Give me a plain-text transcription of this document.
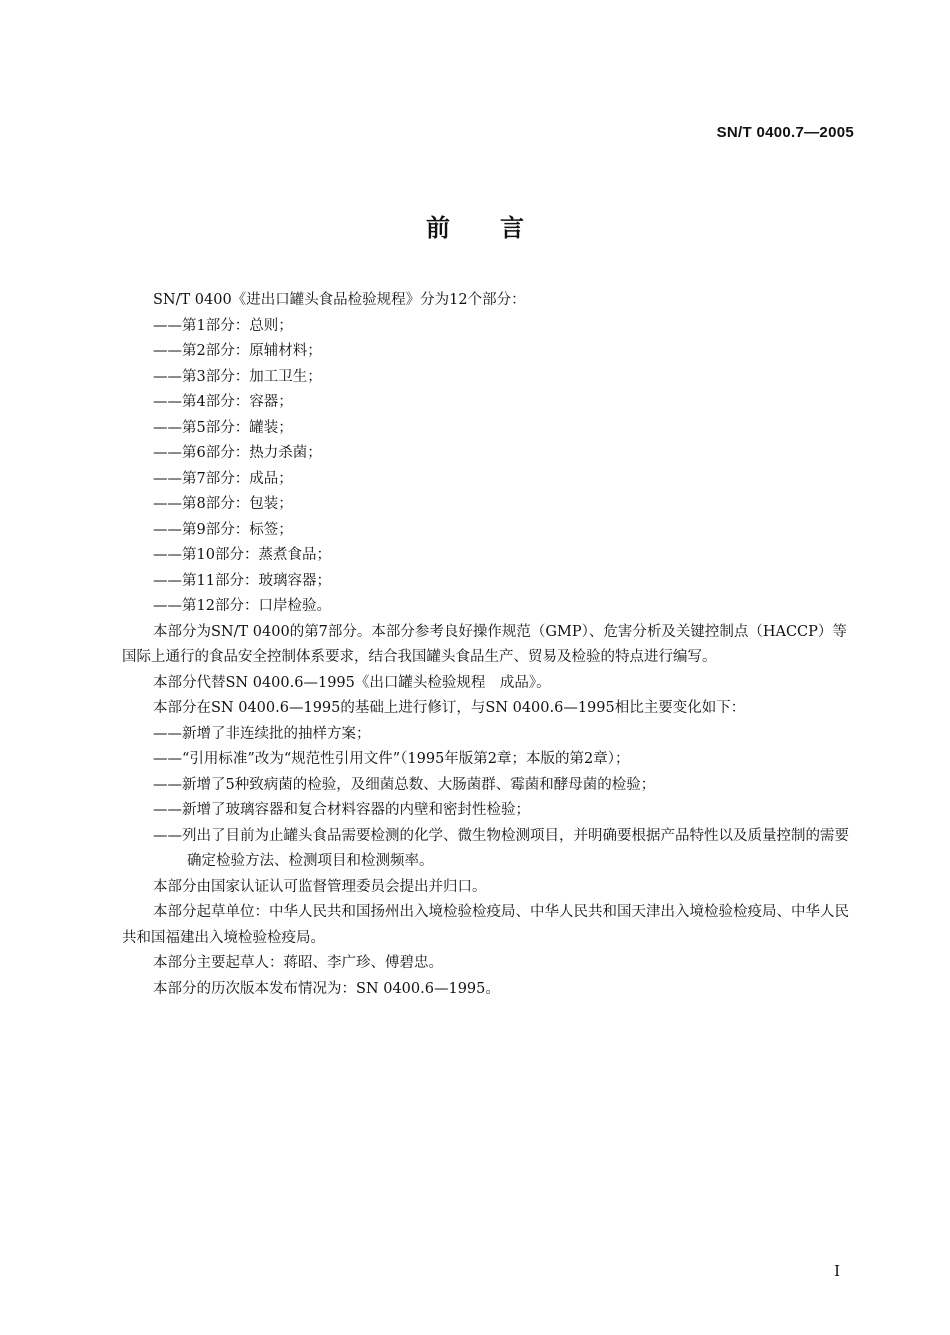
SN/T 0400.7—2005
前言

SN/T 0400《进出口罐头食品检验规程》分为12个部分：

——第1部分：总则；

——第2部分：原辅材料；

——第3部分：加工卫生；

——第4部分：容器；

——第5部分：罐装；

——第6部分：热力杀菌；

——第7部分：成品；

——第8部分：包装；

——第9部分：标签；

——第10部分：蒸煮食品；

——第11部分：玻璃容器；

——第12部分：口岸检验。

本部分为SN/T 0400的第7部分。本部分参考良好操作规范（GMP）、危害分析及关键控制点（HACCP）等国际上通行的食品安全控制体系要求，结合我国罐头食品生产、贸易及检验的特点进行编写。

本部分代替SN 0400.6—1995《出口罐头检验规程　成品》。

本部分在SN 0400.6—1995的基础上进行修订，与SN 0400.6—1995相比主要变化如下：

——新增了非连续批的抽样方案；

——“引用标准”改为“规范性引用文件”（1995年版第2章；本版的第2章）；

——新增了5种致病菌的检验，及细菌总数、大肠菌群、霉菌和酵母菌的检验；

——新增了玻璃容器和复合材料容器的内壁和密封性检验；

——列出了目前为止罐头食品需要检测的化学、微生物检测项目，并明确要根据产品特性以及质量控制的需要确定检验方法、检测项目和检测频率。

本部分由国家认证认可监督管理委员会提出并归口。

本部分起草单位：中华人民共和国扬州出入境检验检疫局、中华人民共和国天津出入境检验检疫局、中华人民共和国福建出入境检验检疫局。

本部分主要起草人：蒋昭、李广珍、傅碧忠。

本部分的历次版本发布情况为：SN 0400.6—1995。

I
